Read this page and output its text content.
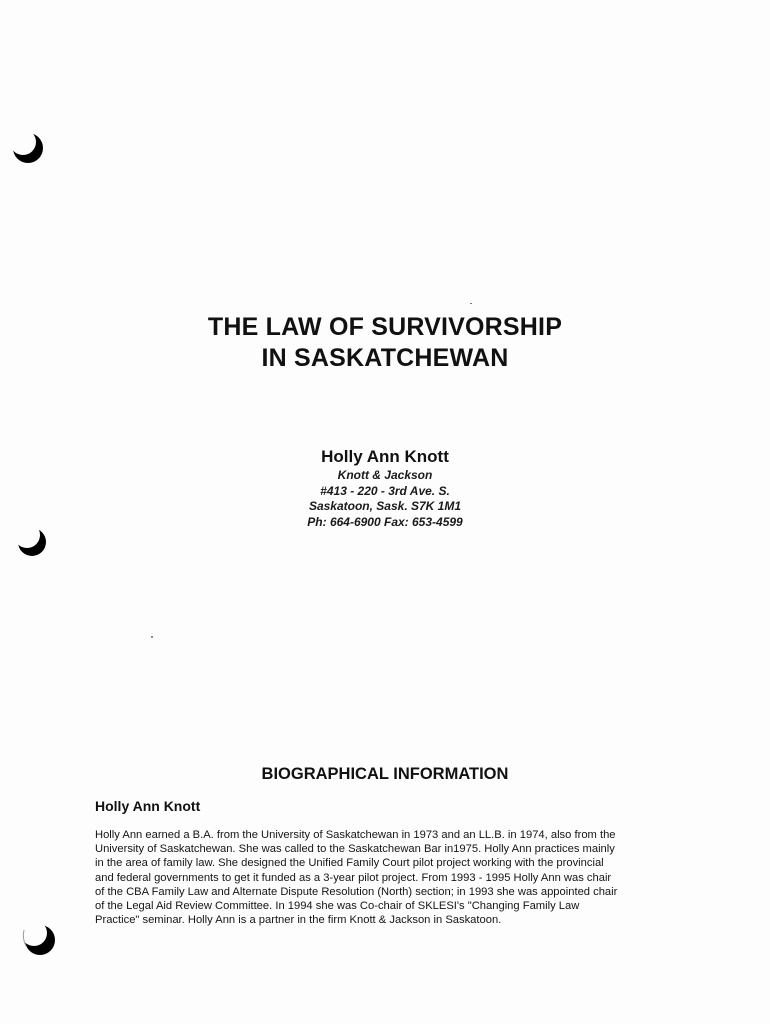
THE LAW OF SURVIVORSHIP
IN SASKATCHEWAN
Holly Ann Knott
Knott & Jackson
#413 - 220 - 3rd Ave. S.
Saskatoon, Sask. S7K 1M1
Ph: 664-6900 Fax: 653-4599
BIOGRAPHICAL INFORMATION
Holly Ann Knott
Holly Ann earned a B.A. from the University of Saskatchewan in 1973 and an LL.B. in 1974, also from the
University of Saskatchewan. She was called to the Saskatchewan Bar in1975. Holly Ann practices mainly
in the area of family law. She designed the Unified Family Court pilot project working with the provincial
and federal governments to get it funded as a 3-year pilot project. From 1993 - 1995 Holly Ann was chair
of the CBA Family Law and Alternate Dispute Resolution (North) section; in 1993 she was appointed chair
of the Legal Aid Review Committee. In 1994 she was Co-chair of SKLESI's "Changing Family Law
Practice" seminar. Holly Ann is a partner in the firm Knott & Jackson in Saskatoon.
